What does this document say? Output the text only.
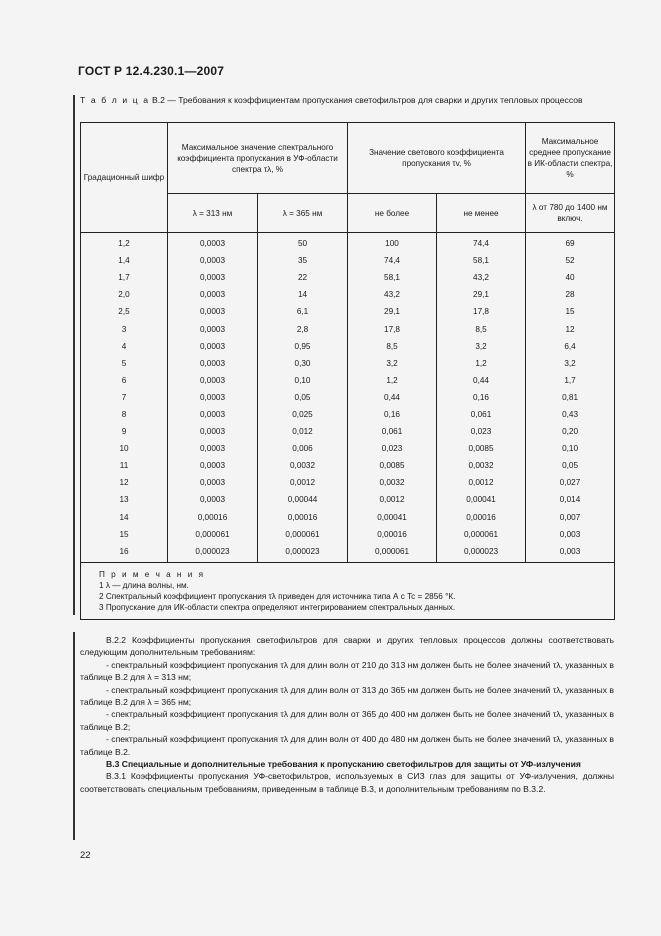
ГОСТ Р 12.4.230.1—2007
Т а б л и ц а В.2 — Требования к коэффициентам пропускания светофильтров для сварки и других тепловых процессов
Градационный шифр	Максимальное значение спектрального коэффициента пропускания в УФ-области спектра τλ, %		Значение светового коэффициента пропускания τv, %		Максимальное среднее пропускание в ИК-области спектра, %
	λ = 313 нм	λ = 365 нм	не более	не менее	λ от 780 до 1400 нм включ.
1,2	0,0003	50	100	74,4	69
1,4	0,0003	35	74,4	58,1	52
1,7	0,0003	22	58,1	43,2	40
2,0	0,0003	14	43,2	29,1	28
2,5	0,0003	6,1	29,1	17,8	15
3	0,0003	2,8	17,8	8,5	12
4	0,0003	0,95	8,5	3,2	6,4
5	0,0003	0,30	3,2	1,2	3,2
6	0,0003	0,10	1,2	0,44	1,7
7	0,0003	0,05	0,44	0,16	0,81
8	0,0003	0,025	0,16	0,061	0,43
9	0,0003	0,012	0,061	0,023	0,20
10	0,0003	0,006	0,023	0,0085	0,10
11	0,0003	0,0032	0,0085	0,0032	0,05
12	0,0003	0,0012	0,0032	0,0012	0,027
13	0,0003	0,00044	0,0012	0,00041	0,014
14	0,00016	0,00016	0,00041	0,00016	0,007
15	0,000061	0,000061	0,00016	0,000061	0,003
16	0,000023	0,000023	0,000061	0,000023	0,003

П р и м е ч а н и я
1 λ — длина волны, нм.
2 Спектральный коэффициент пропускания τλ приведен для источника типа А с Tc = 2856 °К.
3 Пропускание для ИК-области спектра определяют интегрированием спектральных данных.					

В.2.2 Коэффициенты пропускания светофильтров для сварки и других тепловых процессов должны соответствовать следующим дополнительным требованиям:

- спектральный коэффициент пропускания τλ для длин волн от 210 до 313 нм должен быть не более значений τλ, указанных в таблице В.2 для λ = 313 нм;

- спектральный коэффициент пропускания τλ для длин волн от 313 до 365 нм должен быть не более значений τλ, указанных в таблице В.2 для λ = 365 нм;

- спектральный коэффициент пропускания τλ для длин волн от 365 до 400 нм должен быть не более значений τλ, указанных в таблице В.2;

- спектральный коэффициент пропускания τλ для длин волн от 400 до 480 нм должен быть не более значений τλ, указанных в таблице В.2.

В.3 Специальные и дополнительные требования к пропусканию светофильтров для защиты от УФ-излучения

В.3.1 Коэффициенты пропускания УФ-светофильтров, используемых в СИЗ глаз для защиты от УФ-излучения, должны соответствовать специальным требованиям, приведенным в таблице В.3, и дополнительным требованиям по В.3.2.

22
